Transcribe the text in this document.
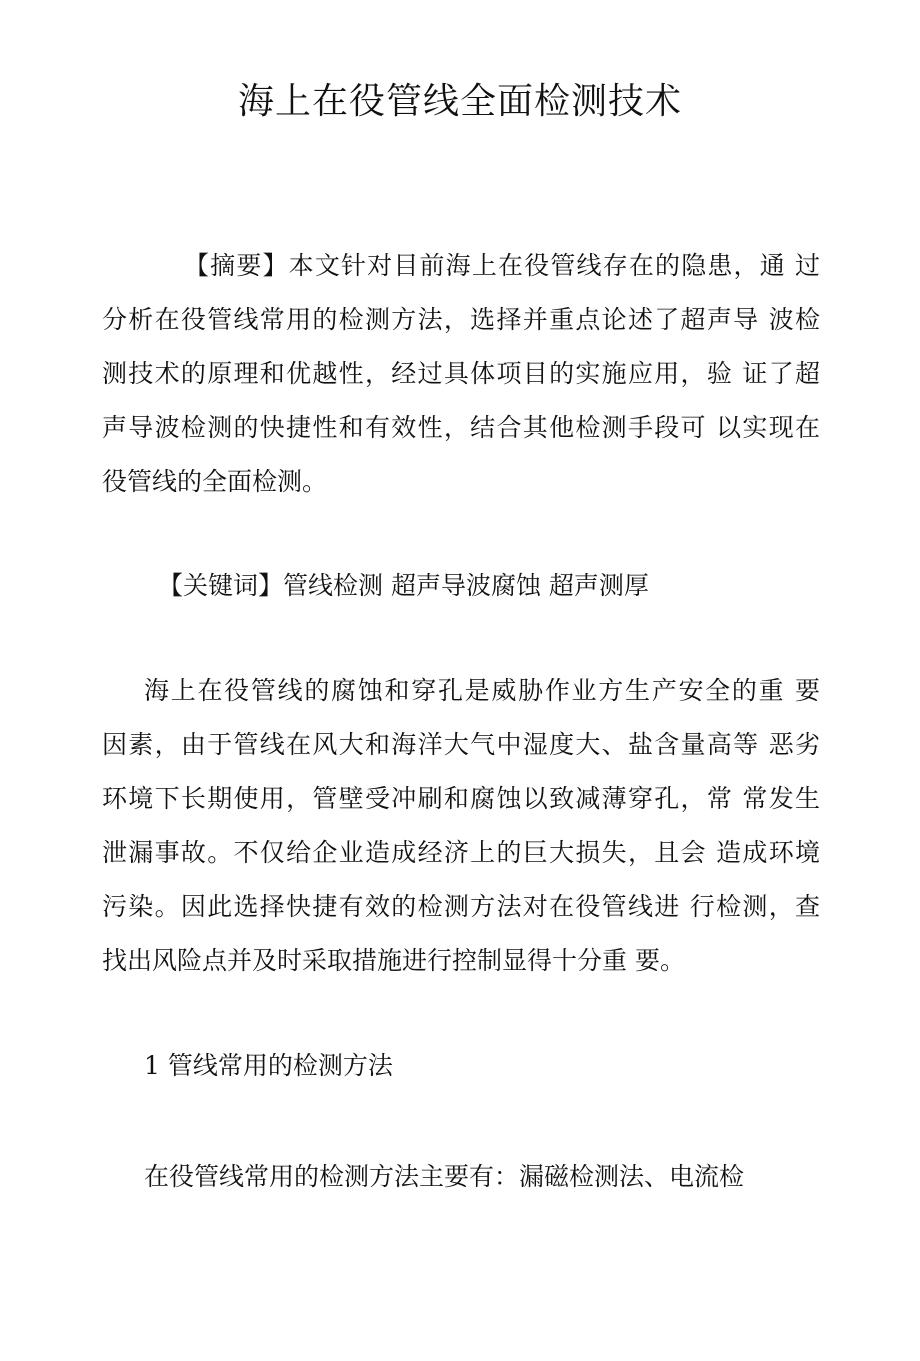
海上在役管线全面检测技术
【摘要】本文针对目前海上在役管线存在的隐患，通 过
分析在役管线常用的检测方法，选择并重点论述了超声导 波检
测技术的原理和优越性，经过具体项目的实施应用，验 证了超
声导波检测的快捷性和有效性，结合其他检测手段可 以实现在
役管线的全面检测。

【关键词】管线检测 超声导波腐蚀 超声测厚

海上在役管线的腐蚀和穿孔是威胁作业方生产安全的重 要
因素，由于管线在风大和海洋大气中湿度大、盐含量高等 恶劣
环境下长期使用，管壁受冲刷和腐蚀以致减薄穿孔，常 常发生
泄漏事故。不仅给企业造成经济上的巨大损失，且会 造成环境
污染。因此选择快捷有效的检测方法对在役管线进 行检测，查
找出风险点并及时采取措施进行控制显得十分重 要。
1 管线常用的检测方法

在役管线常用的检测方法主要有：漏磁检测法、电流检
